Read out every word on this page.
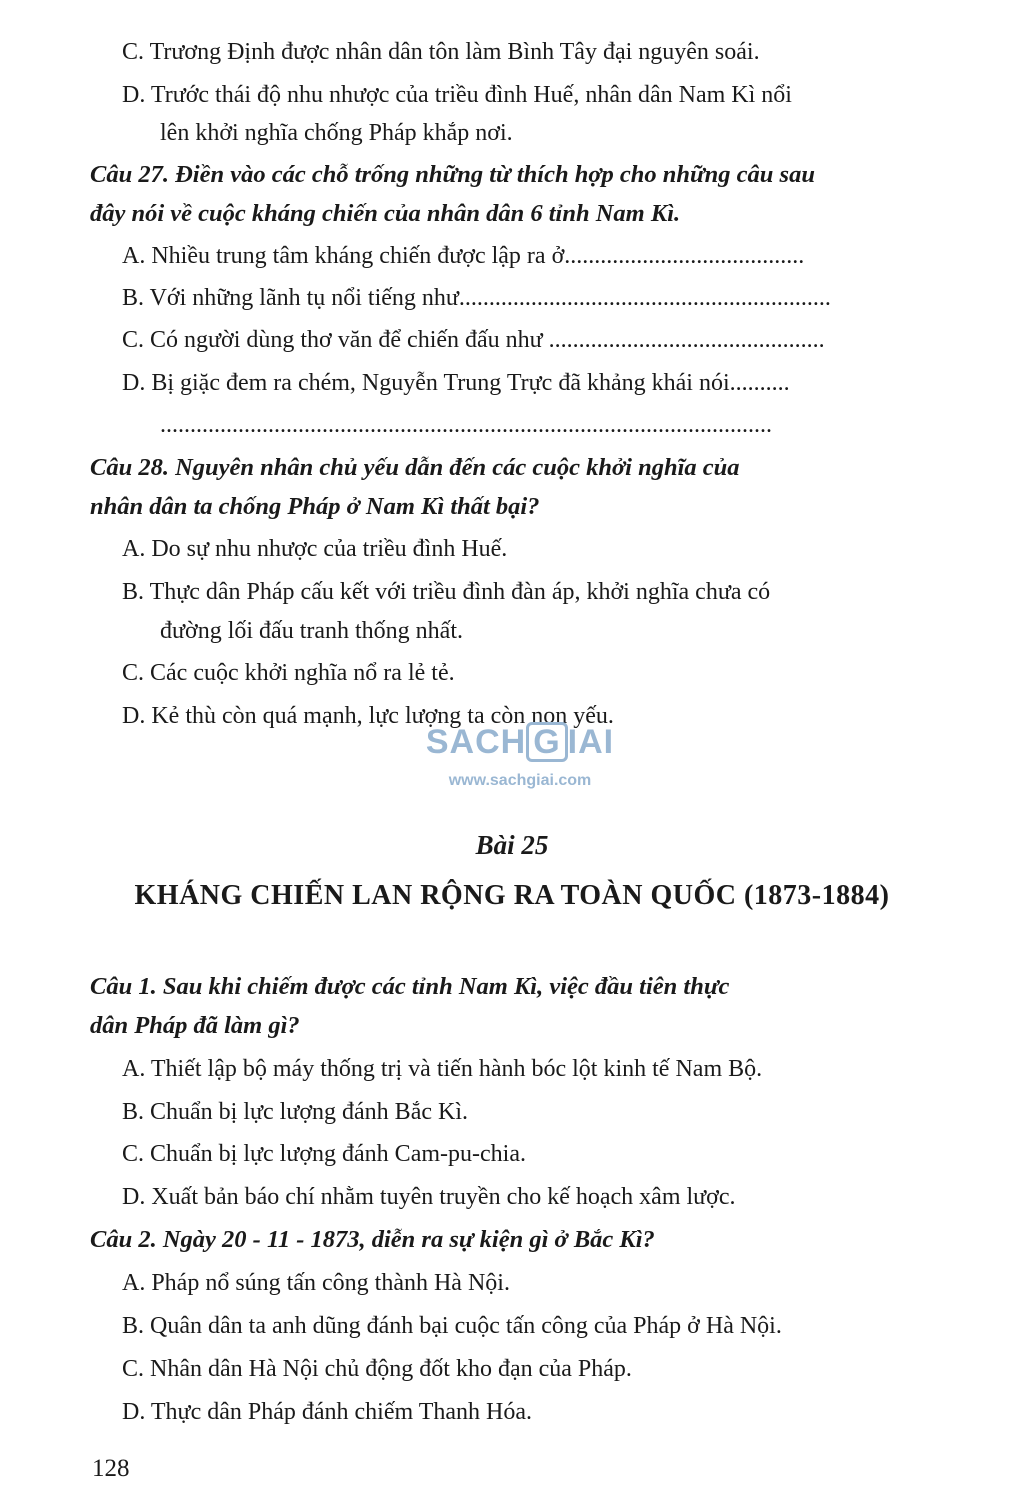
C. Trương Định được nhân dân tôn làm Bình Tây đại nguyên soái.
D. Trước thái độ nhu nhược của triều đình Huế, nhân dân Nam Kì nổi
lên khởi nghĩa chống Pháp khắp nơi.
Câu 27. Điền vào các chỗ trống những từ thích hợp cho những câu sau
đây nói về cuộc kháng chiến của nhân dân 6 tỉnh Nam Kì.
A. Nhiều trung tâm kháng chiến được lập ra ở........................................
B. Với những lãnh tụ nổi tiếng như..............................................................
C. Có người dùng thơ văn để chiến đấu như ..............................................
D. Bị giặc đem ra chém, Nguyễn Trung Trực đã khảng khái nói..........
......................................................................................................
Câu 28. Nguyên nhân chủ yếu dẫn đến các cuộc khởi nghĩa của
nhân dân ta chống Pháp ở Nam Kì thất bại?
A. Do sự nhu nhược của triều đình Huế.
B. Thực dân Pháp cấu kết với triều đình đàn áp, khởi nghĩa chưa có
đường lối đấu tranh thống nhất.
C. Các cuộc khởi nghĩa nổ ra lẻ tẻ.
D. Kẻ thù còn quá mạnh, lực lượng ta còn non yếu.
Câu 1. Sau khi chiếm được các tỉnh Nam Kì, việc đầu tiên thực
dân Pháp đã làm gì?
A. Thiết lập bộ máy thống trị và tiến hành bóc lột kinh tế Nam Bộ.
B. Chuẩn bị lực lượng đánh Bắc Kì.
C. Chuẩn bị lực lượng đánh Cam-pu-chia.
D. Xuất bản báo chí nhằm tuyên truyền cho kế hoạch xâm lược.
Câu 2. Ngày 20 - 11 - 1873, diễn ra sự kiện gì ở Bắc Kì?
A. Pháp nổ súng tấn công thành Hà Nội.
B. Quân dân ta anh dũng đánh bại cuộc tấn công của Pháp ở Hà Nội.
C. Nhân dân Hà Nội chủ động đốt kho đạn của Pháp.
D. Thực dân Pháp đánh chiếm Thanh Hóa.
SACH G IAI
www.sachgiai.com
Bài 25
KHÁNG CHIẾN LAN RỘNG RA TOÀN QUỐC (1873-1884)
128
